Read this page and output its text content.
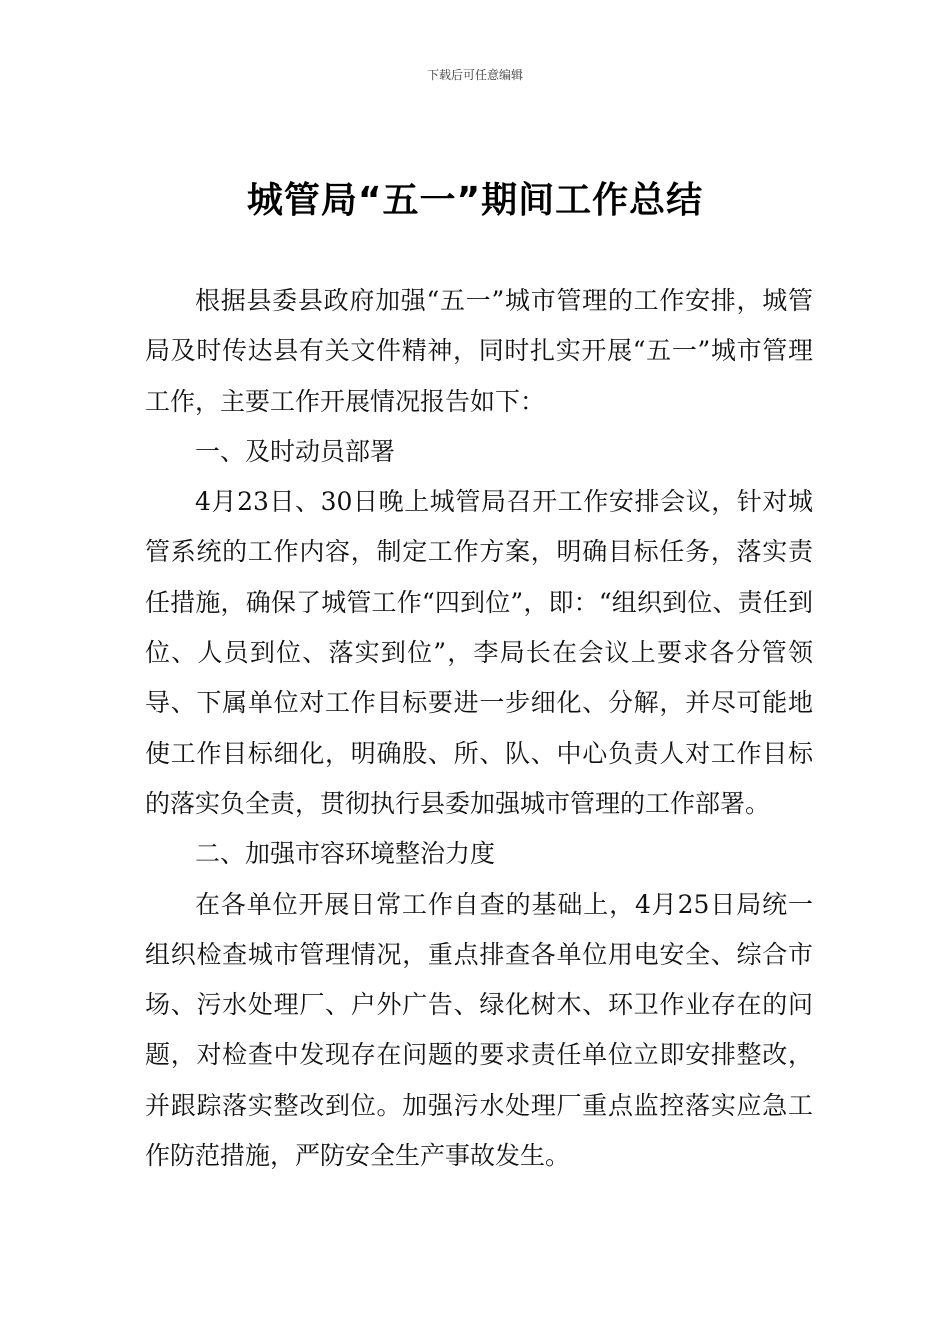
下载后可任意编辑
城管局“五一”期间工作总结

根据县委县政府加强“五一”城市管理的工作安排，城管局及时传达县有关文件精神，同时扎实开展“五一”城市管理工作，主要工作开展情况报告如下：

一、及时动员部署

4月23日、30日晚上城管局召开工作安排会议，针对城管系统的工作内容，制定工作方案，明确目标任务，落实责任措施，确保了城管工作“四到位”，即：“组织到位、责任到位、人员到位、落实到位”，李局长在会议上要求各分管领导、下属单位对工作目标要进一步细化、分解，并尽可能地使工作目标细化，明确股、所、队、中心负责人对工作目标的落实负全责，贯彻执行县委加强城市管理的工作部署。

二、加强市容环境整治力度

在各单位开展日常工作自查的基础上，4月25日局统一组织检查城市管理情况，重点排查各单位用电安全、综合市场、污水处理厂、户外广告、绿化树木、环卫作业存在的问题，对检查中发现存在问题的要求责任单位立即安排整改，并跟踪落实整改到位。加强污水处理厂重点监控落实应急工作防范措施，严防安全生产事故发生。
